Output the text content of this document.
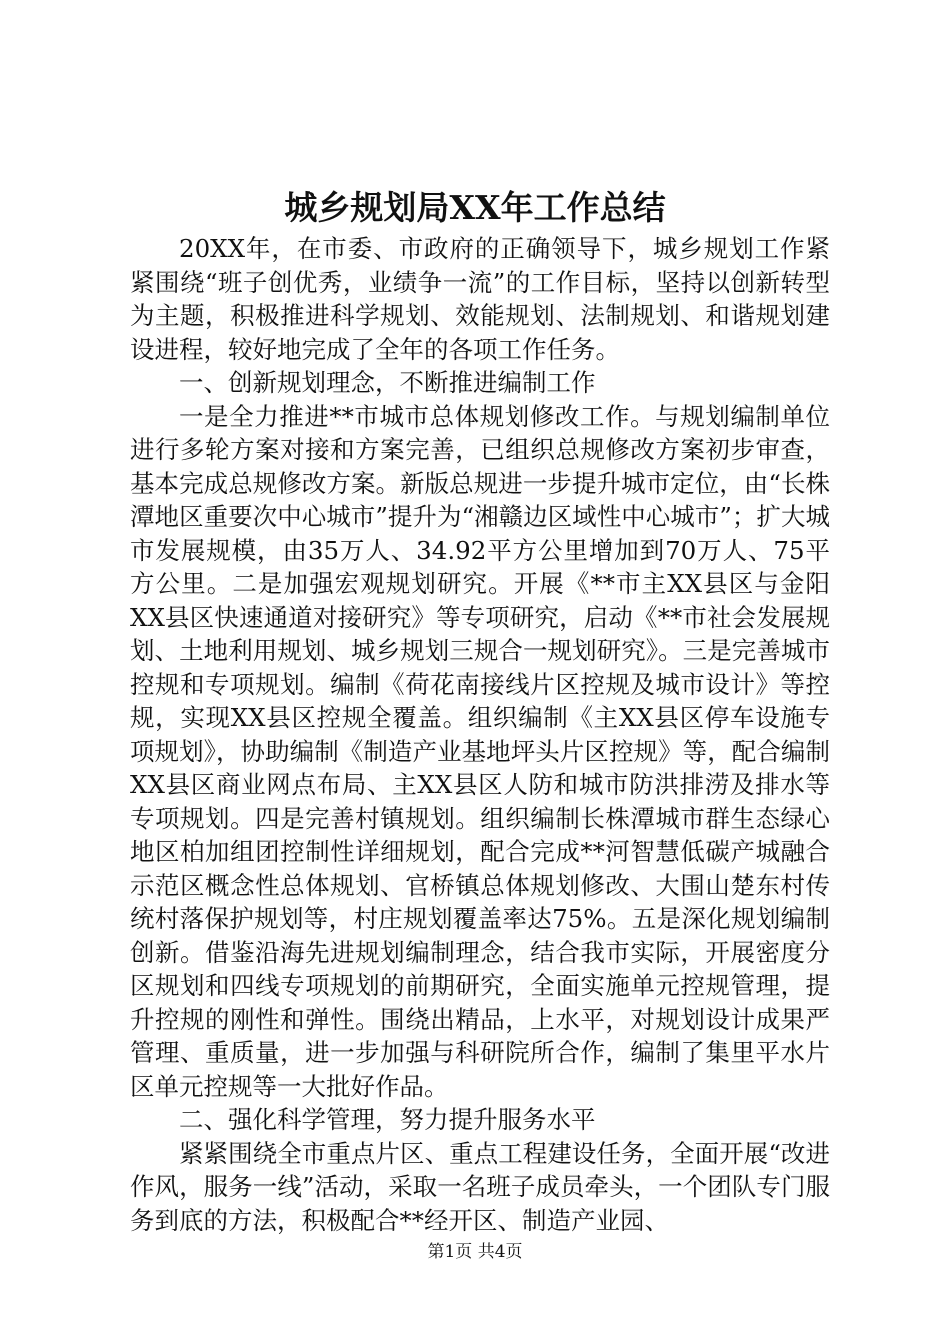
城乡规划局XX年工作总结

20XX年，在市委、市政府的正确领导下，城乡规划工作紧紧围绕“班子创优秀，业绩争一流”的工作目标，坚持以创新转型为主题，积极推进科学规划、效能规划、法制规划、和谐规划建设进程，较好地完成了全年的各项工作任务。

一、创新规划理念，不断推进编制工作

一是全力推进**市城市总体规划修改工作。与规划编制单位进行多轮方案对接和方案完善，已组织总规修改方案初步审查，基本完成总规修改方案。新版总规进一步提升城市定位，由“长株潭地区重要次中心城市”提升为“湘赣边区域性中心城市”；扩大城市发展规模，由35万人、34.92平方公里增加到70万人、75平方公里。二是加强宏观规划研究。开展《**市主XX县区与金阳XX县区快速通道对接研究》等专项研究，启动《**市社会发展规划、土地利用规划、城乡规划三规合一规划研究》。三是完善城市控规和专项规划。编制《荷花南接线片区控规及城市设计》等控规，实现XX县区控规全覆盖。组织编制《主XX县区停车设施专项规划》，协助编制《制造产业基地坪头片区控规》等，配合编制XX县区商业网点布局、主XX县区人防和城市防洪排涝及排水等专项规划。四是完善村镇规划。组织编制长株潭城市群生态绿心地区柏加组团控制性详细规划，配合完成**河智慧低碳产城融合示范区概念性总体规划、官桥镇总体规划修改、大围山楚东村传统村落保护规划等，村庄规划覆盖率达75%。五是深化规划编制创新。借鉴沿海先进规划编制理念，结合我市实际，开展密度分区规划和四线专项规划的前期研究，全面实施单元控规管理，提升控规的刚性和弹性。围绕出精品，上水平，对规划设计成果严管理、重质量，进一步加强与科研院所合作，编制了集里平水片区单元控规等一大批好作品。

二、强化科学管理，努力提升服务水平

紧紧围绕全市重点片区、重点工程建设任务，全面开展“改进作风，服务一线”活动，采取一名班子成员牵头，一个团队专门服务到底的方法，积极配合**经开区、制造产业园、

第1页 共4页
